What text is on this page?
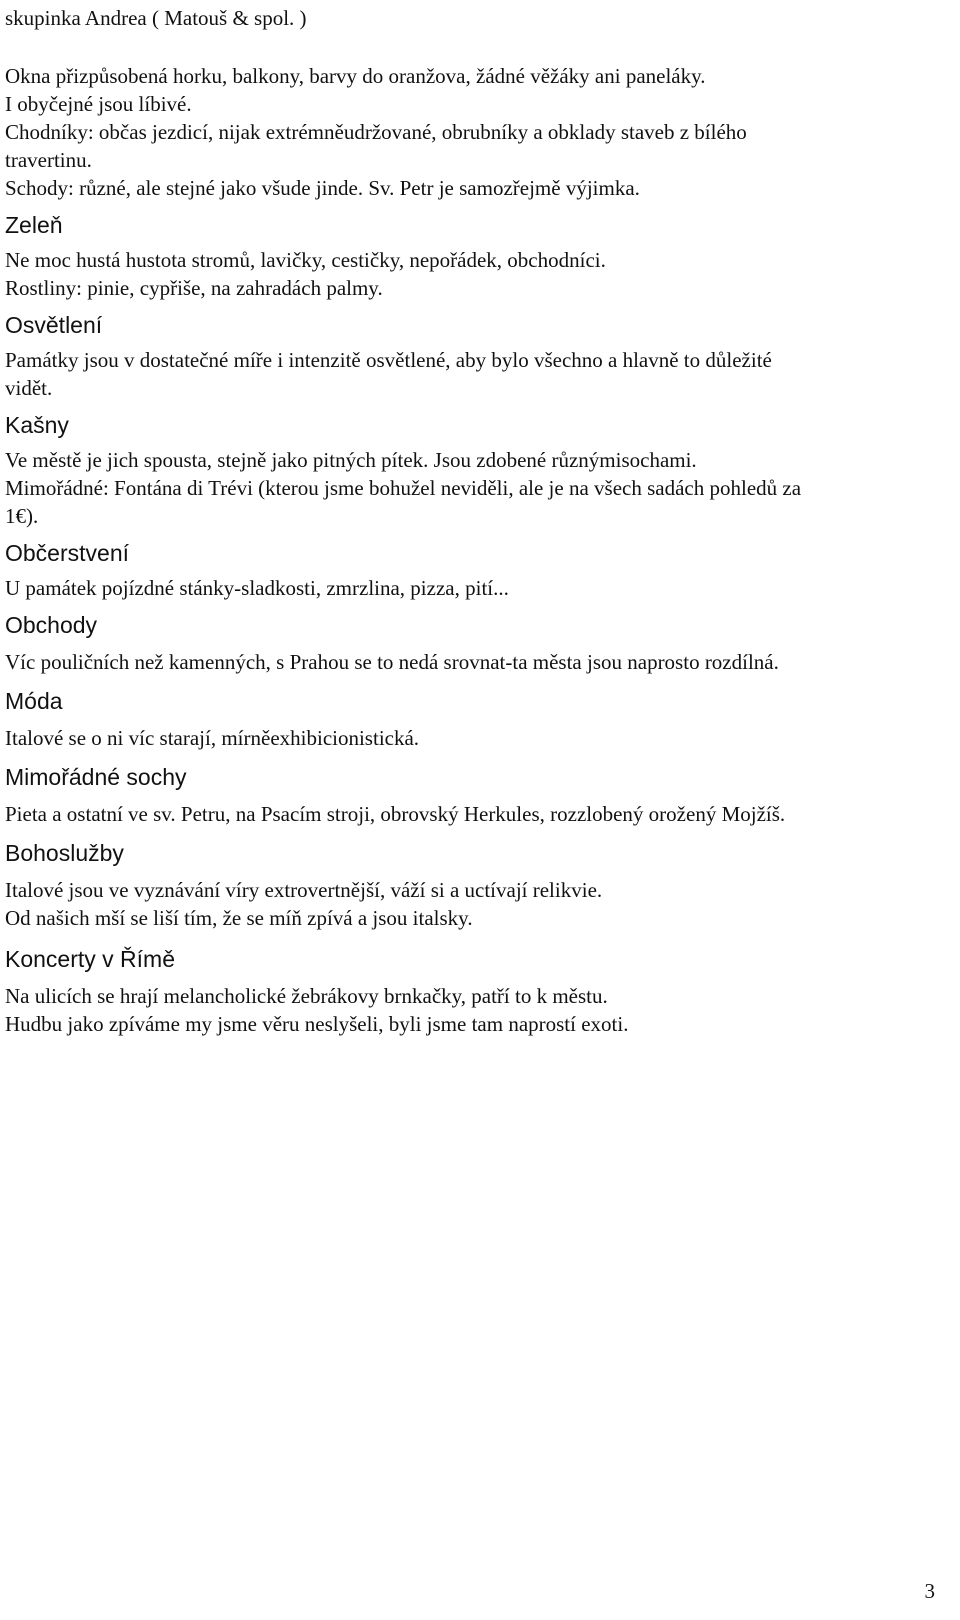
skupinka Andrea ( Matouš & spol. )

Okna přizpůsobená horku, balkony, barvy do oranžova, žádné věžáky ani paneláky.

I obyčejné jsou líbivé.

Chodníky: občas jezdicí, nijak extrémněudržované, obrubníky a obklady staveb z bílého

travertinu.

Schody: různé, ale stejné jako všude jinde. Sv. Petr je samozřejmě výjimka.

Zeleň

Ne moc hustá hustota stromů, lavičky, cestičky, nepořádek, obchodníci.

Rostliny: pinie, cypřiše, na zahradách palmy.

Osvětlení

Památky jsou v dostatečné míře i intenzitě osvětlené, aby bylo všechno a hlavně to důležité

vidět.

Kašny

Ve městě je jich spousta, stejně jako pitných pítek. Jsou zdobené různýmisochami.

Mimořádné: Fontána di Trévi (kterou jsme bohužel neviděli, ale je na všech sadách pohledů za

1€).

Občerstvení

U památek pojízdné stánky-sladkosti, zmrzlina, pizza, pití...

Obchody

Víc pouličních než kamenných, s Prahou se to nedá srovnat-ta města jsou naprosto rozdílná.

Móda

Italové se o ni víc starají, mírněexhibicionistická.

Mimořádné sochy

Pieta a ostatní ve sv. Petru, na Psacím stroji, obrovský Herkules, rozzlobený orožený Mojžíš.

Bohoslužby

Italové jsou ve vyznávání víry extrovertnější, váží si a uctívají relikvie.

Od našich mší se liší tím, že se míň zpívá a jsou italsky.

Koncerty v Římě

Na ulicích se hrají melancholické žebrákovy brnkačky, patří to k městu.

Hudbu jako zpíváme my jsme věru neslyšeli, byli jsme tam naprostí exoti.

3
